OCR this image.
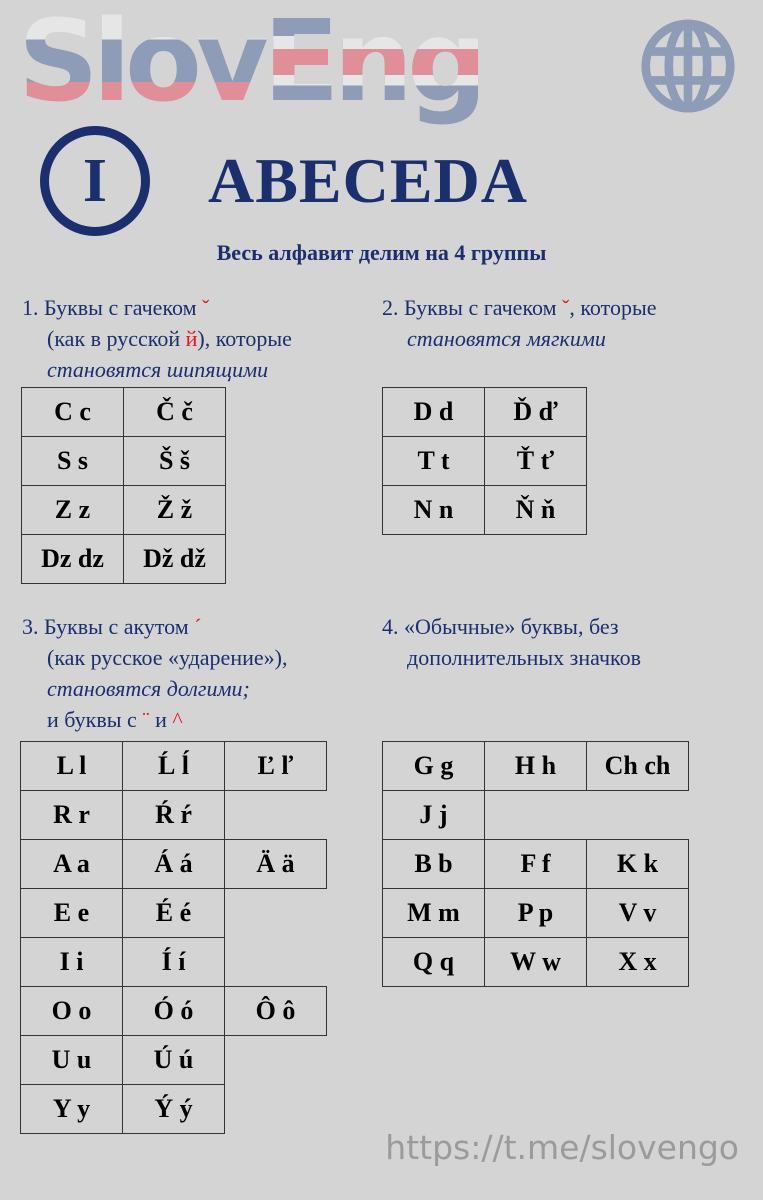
SlovEng
I ABECEDA
Весь алфавит делим на 4 группы
1. Буквы с гачеком ˇ
(как в русской й), которые
становятся шипящими
2. Буквы с гачеком ˇ, которые
становятся мягкими
3. Буквы с акутом ´
(как русское «ударение»),
становятся долгими;
и буквы с ¨ и ^
4. «Обычные» буквы, без
дополнительных значков
C c	Č č
S s	Š š
Z z	Ž ž
Dz dz	Dž dž
D d	Ď ď
T t	Ť ť
N n	Ň ň
L l	Ĺ ĺ	Ľ ľ
R r	Ŕ ŕ
A a	Á á	Ä ä
E e	É é
I i	Í í
O o	Ó ó	Ô ô
U u	Ú ú
Y y	Ý ý
G g	H h	Ch ch
J j
B b	F f	K k
M m	P p	V v
Q q	W w	X x
https://t.me/slovengo
